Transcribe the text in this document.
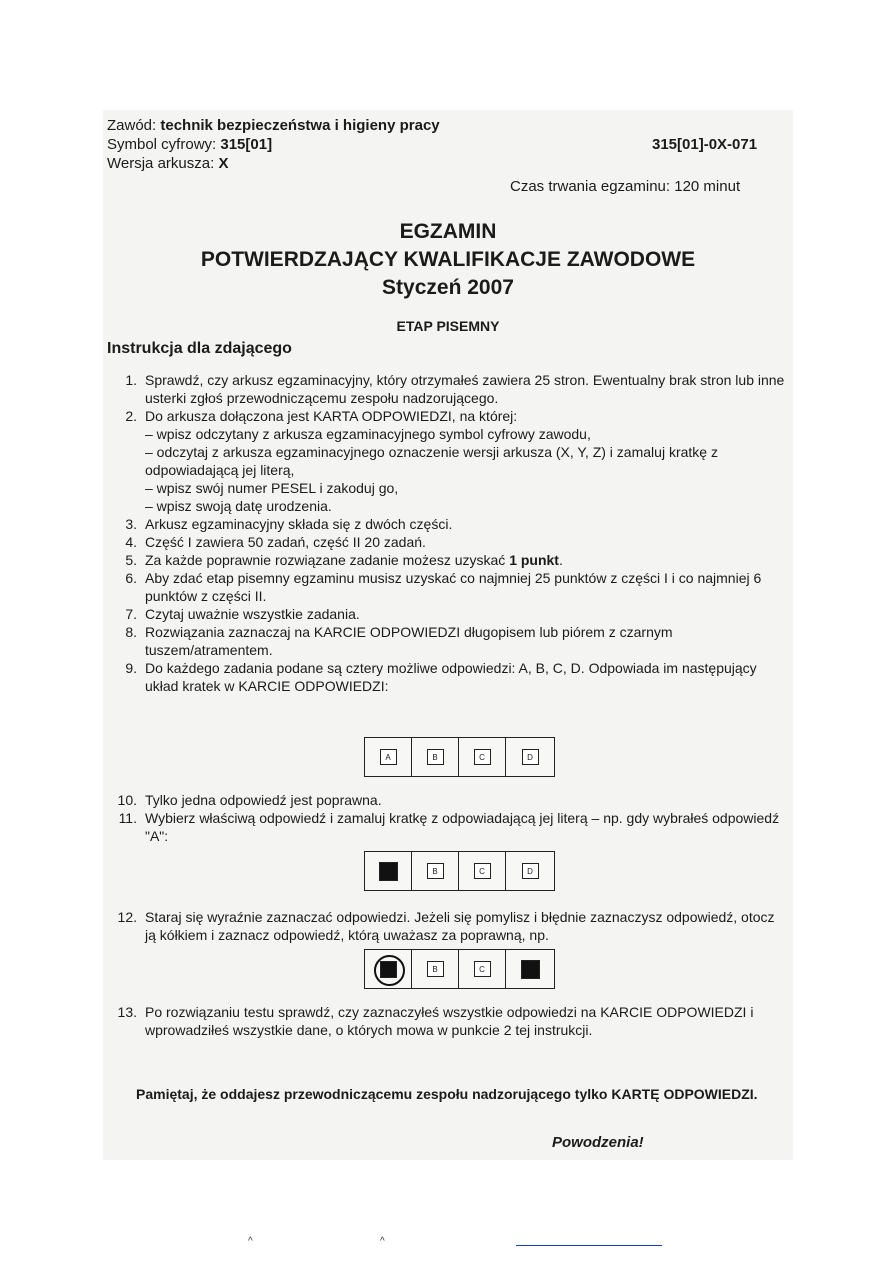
Zawód: technik bezpieczeństwa i higieny pracy
Symbol cyfrowy: 315[01]	315[01]-0X-071
Wersja arkusza: X
Czas trwania egzaminu: 120 minut
EGZAMIN
POTWIERDZAJĄCY KWALIFIKACJE ZAWODOWE
Styczeń 2007
ETAP PISEMNY
Instrukcja dla zdającego
1. Sprawdź, czy arkusz egzaminacyjny, który otrzymałeś zawiera 25 stron. Ewentualny brak stron lub inne usterki zgłoś przewodniczącemu zespołu nadzorującego.
2. Do arkusza dołączona jest KARTA ODPOWIEDZI, na której:
– wpisz odczytany z arkusza egzaminacyjnego symbol cyfrowy zawodu,
– odczytaj z arkusza egzaminacyjnego oznaczenie wersji arkusza (X, Y, Z) i zamaluj kratkę z odpowiadającą jej literą,
– wpisz swój numer PESEL i zakoduj go,
– wpisz swoją datę urodzenia.
3. Arkusz egzaminacyjny składa się z dwóch części.
4. Część I zawiera 50 zadań, część II 20 zadań.
5. Za każde poprawnie rozwiązane zadanie możesz uzyskać 1 punkt.
6. Aby zdać etap pisemny egzaminu musisz uzyskać co najmniej 25 punktów z części I i co najmniej 6 punktów z części II.
7. Czytaj uważnie wszystkie zadania.
8. Rozwiązania zaznaczaj na KARCIE ODPOWIEDZI długopisem lub piórem z czarnym tuszem/atramentem.
9. Do każdego zadania podane są cztery możliwe odpowiedzi: A, B, C, D. Odpowiada im następujący układ kratek w KARCIE ODPOWIEDZI:
A	B	C	D
10. Tylko jedna odpowiedź jest poprawna.
11. Wybierz właściwą odpowiedź i zamaluj kratkę z odpowiadającą jej literą – np. gdy wybrałeś odpowiedź "A":
B	C	D
12. Staraj się wyraźnie zaznaczać odpowiedzi. Jeżeli się pomylisz i błędnie zaznaczysz odpowiedź, otocz ją kółkiem i zaznacz odpowiedź, którą uważasz za poprawną, np.
B	C
13. Po rozwiązaniu testu sprawdź, czy zaznaczyłeś wszystkie odpowiedzi na KARCIE ODPOWIEDZI i wprowadziłeś wszystkie dane, o których mowa w punkcie 2 tej instrukcji.
Pamiętaj, że oddajesz przewodniczącemu zespołu nadzorującego tylko KARTĘ ODPOWIEDZI.
Powodzenia!
^	^
